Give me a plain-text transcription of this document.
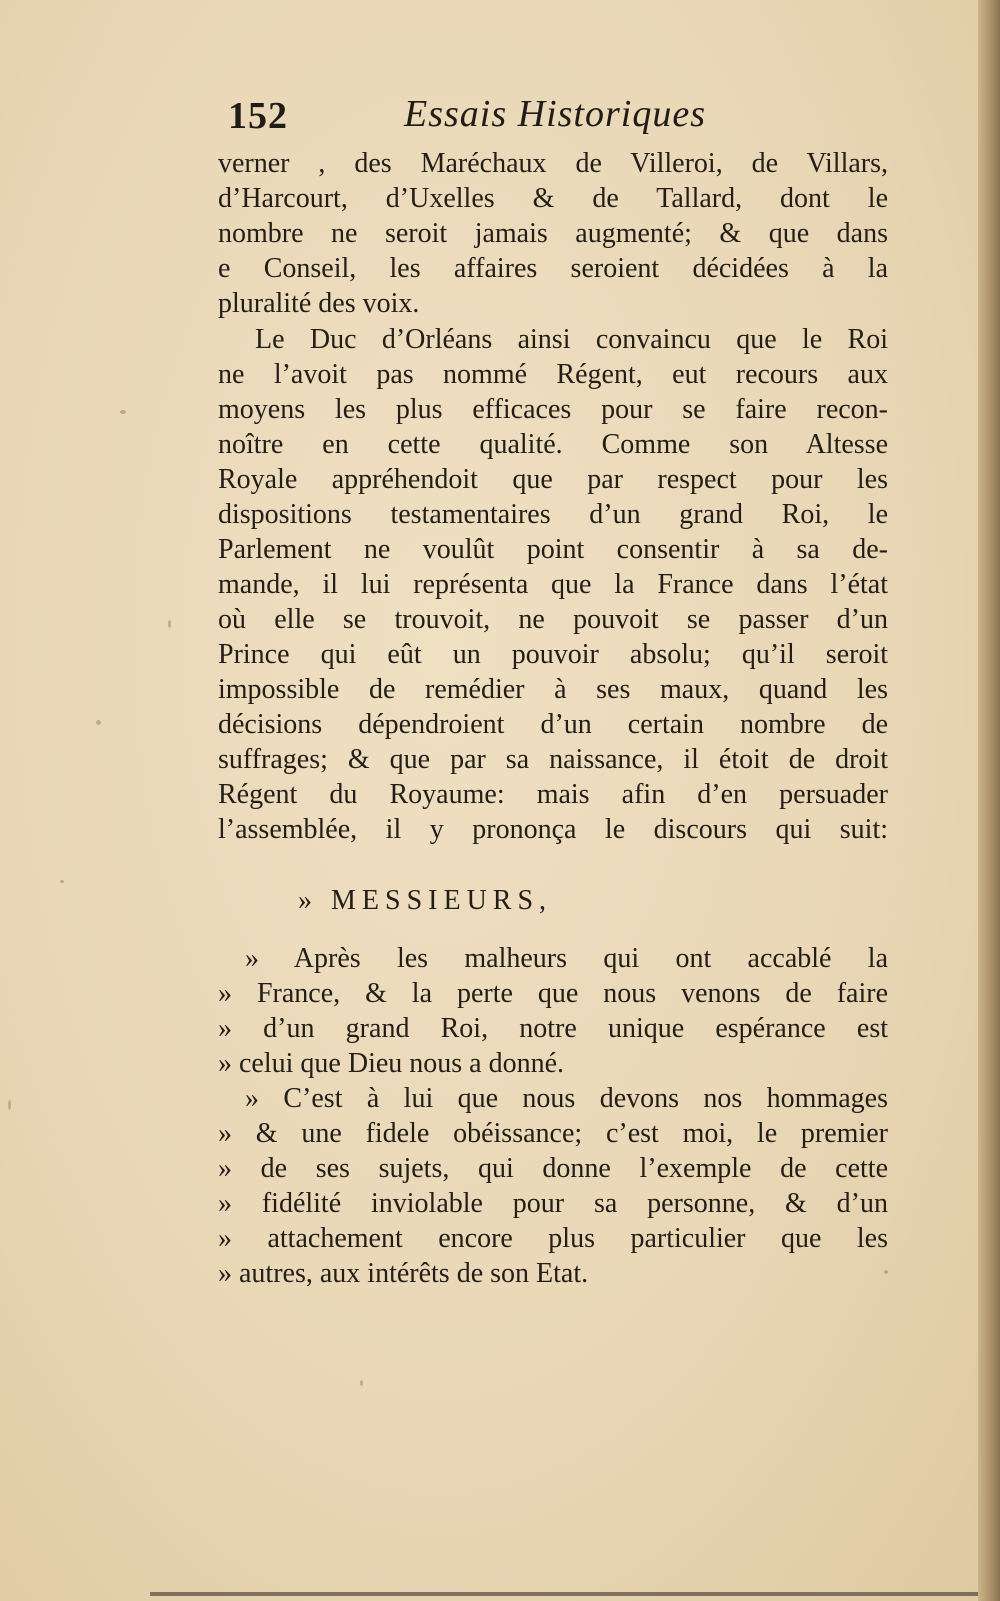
152	Essais Historiques
verner , des Maréchaux de Villeroi, de Villars,
d’Harcourt, d’Uxelles & de Tallard, dont le
nombre ne seroit jamais augmenté; & que dans
e Conseil, les affaires seroient décidées à la
pluralité des voix.
Le Duc d’Orléans ainsi convaincu que le Roi
ne l’avoit pas nommé Régent, eut recours aux
moyens les plus efficaces pour se faire recon-
noître en cette qualité. Comme son Altesse
Royale appréhendoit que par respect pour les
dispositions testamentaires d’un grand Roi, le
Parlement ne voulût point consentir à sa de-
mande, il lui représenta que la France dans l’état
où elle se trouvoit, ne pouvoit se passer d’un
Prince qui eût un pouvoir absolu; qu’il seroit
impossible de remédier à ses maux, quand les
décisions dépendroient d’un certain nombre de
suffrages; & que par sa naissance, il étoit de droit
Régent du Royaume: mais afin d’en persuader
l’assemblée, il y prononça le discours qui suit:
» MESSIEURS,
» Après les malheurs qui ont accablé la
» France, & la perte que nous venons de faire
» d’un grand Roi, notre unique espérance est
» celui que Dieu nous a donné.
» C’est à lui que nous devons nos hommages
» & une fidele obéissance; c’est moi, le premier
» de ses sujets, qui donne l’exemple de cette
» fidélité inviolable pour sa personne, & d’un
» attachement encore plus particulier que les
» autres, aux intérêts de son Etat.
